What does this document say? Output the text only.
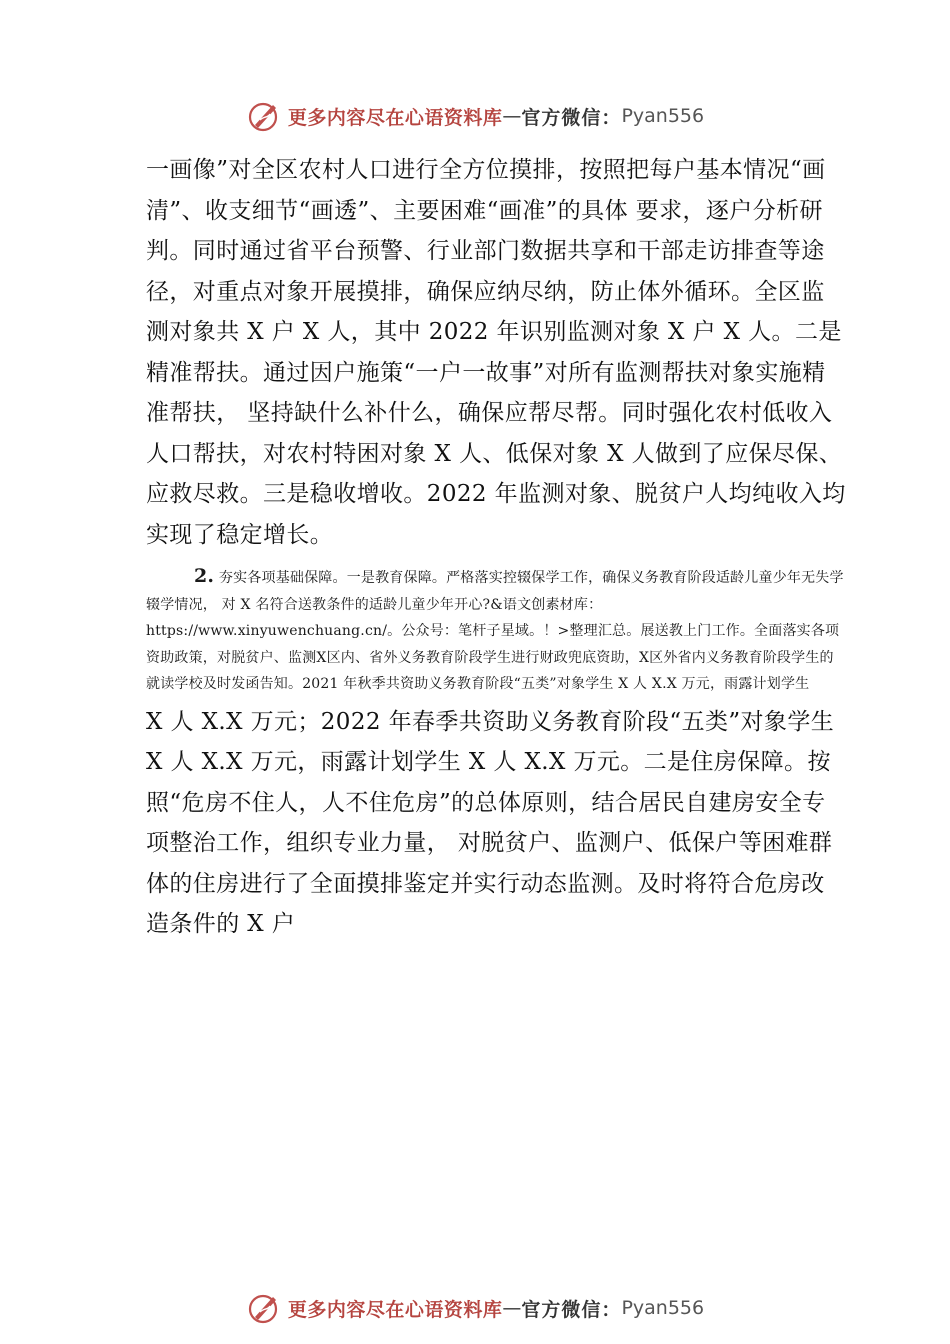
更多内容尽在心语资料库 — 官方微信： Pyan556

一画像”对全区农村人口进行全方位摸排，按照把每户基本情况“画清”、收支细节“画透”、主要困难“画准”的具体 要求，逐户分析研判。同时通过省平台预警、行业部门数据共享和干部走访排查等途径，对重点对象开展摸排，确保应纳尽纳，防止体外循环。全区监测对象共 X 户 X 人，其中 2022 年识别监测对象 X 户 X 人。二是精准帮扶。通过因户施策“一户一故事”对所有监测帮扶对象实施精准帮扶， 坚持缺什么补什么，确保应帮尽帮。同时强化农村低收入人口帮扶，对农村特困对象 X 人、低保对象 X 人做到了应保尽保、应救尽救。三是稳收增收。2022 年监测对象、脱贫户人均纯收入均实现了稳定增长。

2. 夯实各项基础保障。一是教育保障。严格落实控辍保学工作，确保义务教育阶段适龄儿童少年无失学辍学情况， 对 X 名符合送教条件的适龄儿童少年开心?&语文创素材库：https://www.xinyuwenchuang.cn/。公众号：笔杆子星域。！>整理汇总。展送教上门工作。全面落实各项资助政策，对脱贫户、监测X区内、省外义务教育阶段学生进行财政兜底资助，X区外省内义务教育阶段学生的就读学校及时发函告知。2021 年秋季共资助义务教育阶段“五类”对象学生 X 人 X.X 万元，雨露计划学生

X 人 X.X 万元；2022 年春季共资助义务教育阶段“五类”对象学生 X 人 X.X 万元，雨露计划学生 X 人 X.X 万元。二是住房保障。按照“危房不住人，人不住危房”的总体原则，结合居民自建房安全专项整治工作，组织专业力量， 对脱贫户、监测户、低保户等困难群体的住房进行了全面摸排鉴定并实行动态监测。及时将符合危房改造条件的 X 户

更多内容尽在心语资料库 — 官方微信： Pyan556
